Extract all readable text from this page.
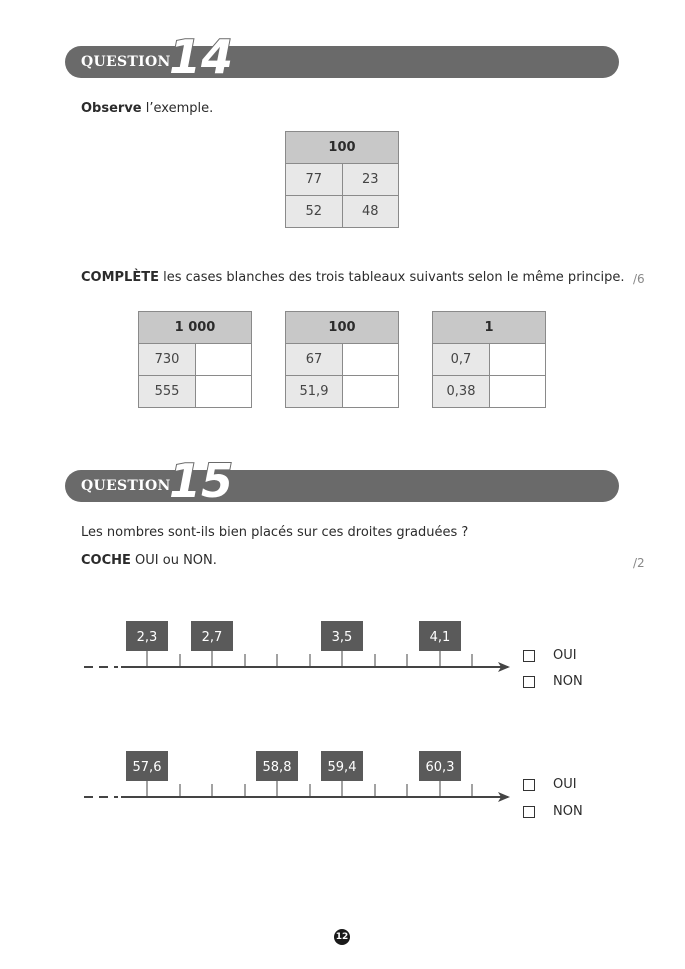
QUESTION
14
Observe l’exemple.
100	
77	23
52	48
COMPLÈTE les cases blanches des trois tableaux suivants selon le même principe. /6
1 000	
730	
555	
100	
67	
51,9	
1	
0,7	
0,38	
QUESTION
15
Les nombres sont-ils bien placés sur ces droites graduées ?
COCHE OUI ou NON.	/2
2,3	2,7	3,5	4,1
57,6	58,8	59,4	60,3
OUI
NON
OUI
NON
12
